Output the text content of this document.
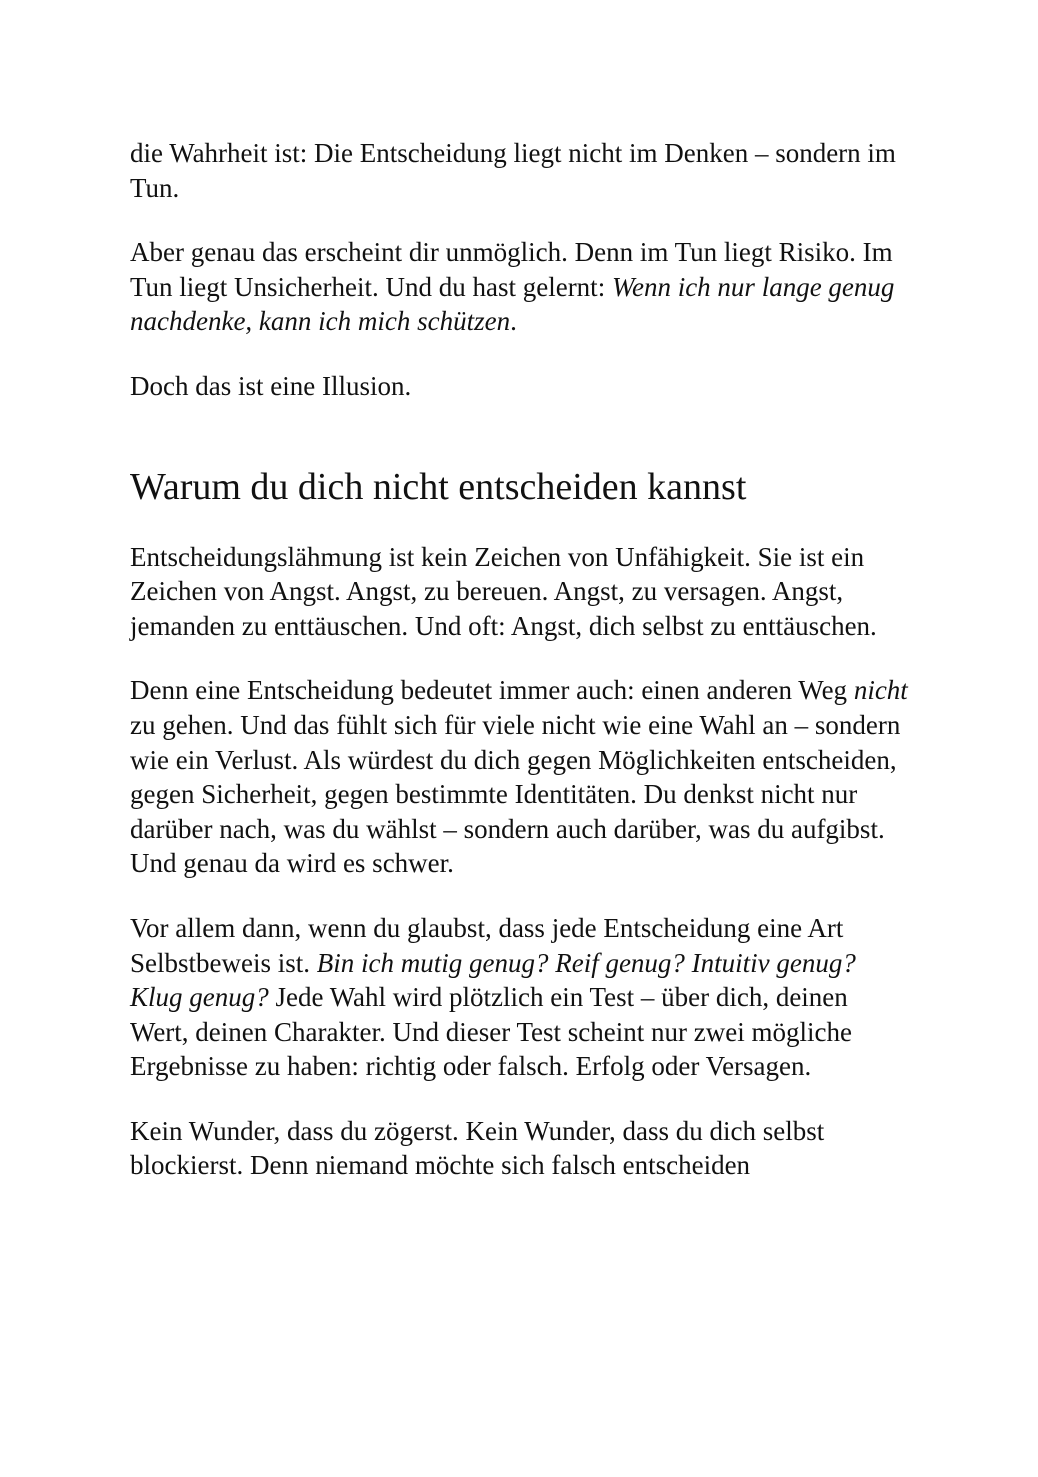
die Wahrheit ist: Die Entscheidung liegt nicht im Denken – sondern im Tun.

Aber genau das erscheint dir unmöglich. Denn im Tun liegt Risiko. Im Tun liegt Unsicherheit. Und du hast gelernt: Wenn ich nur lange genug nachdenke, kann ich mich schützen.

Doch das ist eine Illusion.

Warum du dich nicht entscheiden kannst

Entscheidungslähmung ist kein Zeichen von Unfähigkeit. Sie ist ein Zeichen von Angst. Angst, zu bereuen. Angst, zu versagen. Angst, jemanden zu enttäuschen. Und oft: Angst, dich selbst zu enttäuschen.

Denn eine Entscheidung bedeutet immer auch: einen anderen Weg nicht zu gehen. Und das fühlt sich für viele nicht wie eine Wahl an – sondern wie ein Verlust. Als würdest du dich gegen Möglichkeiten entscheiden, gegen Sicherheit, gegen bestimmte Identitäten. Du denkst nicht nur darüber nach, was du wählst – sondern auch darüber, was du aufgibst. Und genau da wird es schwer.

Vor allem dann, wenn du glaubst, dass jede Entscheidung eine Art Selbstbeweis ist. Bin ich mutig genug? Reif genug? Intuitiv genug? Klug genug? Jede Wahl wird plötzlich ein Test – über dich, deinen Wert, deinen Charakter. Und dieser Test scheint nur zwei mögliche Ergebnisse zu haben: richtig oder falsch. Erfolg oder Versagen.

Kein Wunder, dass du zögerst. Kein Wunder, dass du dich selbst blockierst. Denn niemand möchte sich falsch entscheiden
